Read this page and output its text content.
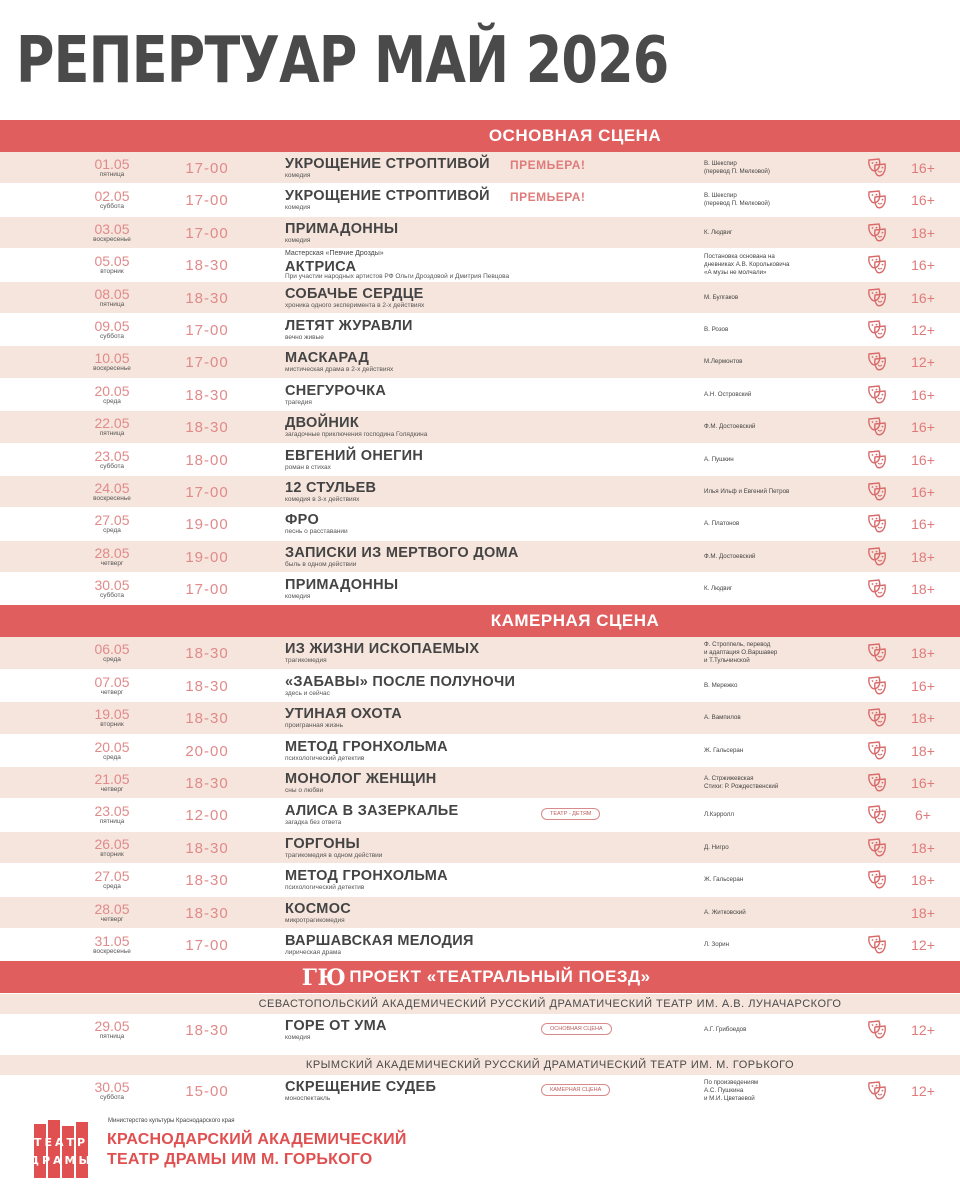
РЕПЕРТУАР МАЙ 2026
ОСНОВНАЯ СЦЕНА
01.05
пятница	17-00	УКРОЩЕНИЕ СТРОПТИВОЙ
комедия
ПРЕМЬЕРА!	В. Шекспир
(перевод П. Мелковой)	16+
02.05
суббота	17-00	УКРОЩЕНИЕ СТРОПТИВОЙ
комедия
ПРЕМЬЕРА!	В. Шекспир
(перевод П. Мелковой)	16+
03.05
воскресенье	17-00	ПРИМАДОННЫ
комедия
К. Людвиг	18+
05.05
вторник	18-30
Мастерская «Певчие Дрозды»
АКТРИСА
При участии народных артистов РФ Ольги Дроздовой и Дмитрия Певцова
Постановка основана на
дневниках А.В. Корольковича
«А музы не молчали»	16+
08.05
пятница	18-30	СОБАЧЬЕ СЕРДЦЕ
хроника одного эксперимента в 2-х действиях
М. Булгаков	16+
09.05
суббота	17-00	ЛЕТЯТ ЖУРАВЛИ
вечно живые
В. Розов	12+
10.05
воскресенье	17-00	МАСКАРАД
мистическая драма в 2-х действиях
М.Лермонтов	12+
20.05
среда	18-30	СНЕГУРОЧКА
трагедия
А.Н. Островский	16+
22.05
пятница	18-30	ДВОЙНИК
загадочные приключения господина Голядкина
Ф.М. Достоевский	16+
23.05
суббота	18-00	ЕВГЕНИЙ ОНЕГИН
роман в стихах
А. Пушкин	16+
24.05
воскресенье	17-00	12 СТУЛЬЕВ
комедия в 3-х действиях
Илья Ильф и Евгений Петров	16+
27.05
среда	19-00	ФРО
песнь о расставании
А. Платонов	16+
28.05
четверг	19-00	ЗАПИСКИ ИЗ МЕРТВОГО ДОМА
быль в одном действии
Ф.М. Достоевский	18+
30.05
суббота	17-00	ПРИМАДОННЫ
комедия
К. Людвиг	18+
КАМЕРНАЯ СЦЕНА
06.05
среда	18-30	ИЗ ЖИЗНИ ИСКОПАЕМЫХ
трагикомедия
Ф. Строппель, перевод
и адаптация О.Варшавер
и Т.Тульчинской	18+
07.05
четверг	18-30	«ЗАБАВЫ» ПОСЛЕ ПОЛУНОЧИ
здесь и сейчас
В. Мережко	16+
19.05
вторник	18-30	УТИНАЯ ОХОТА
проигранная жизнь
А. Вампилов	18+
20.05
среда	20-00	МЕТОД ГРОНХОЛЬМА
психологический детектив
Ж. Гальсеран	18+
21.05
четверг	18-30	МОНОЛОГ ЖЕНЩИН
сны о любви
А. Стржижевская
Стихи: Р. Рождественский	16+
23.05
пятница	12-00	АЛИСА В ЗАЗЕРКАЛЬЕ
загадка без ответа
ТЕАТР - ДЕТЯМ	Л.Кэрролл	6+
26.05
вторник	18-30	ГОРГОНЫ
трагикомедия в одном действии
Д. Нигро	18+
27.05
среда	18-30	МЕТОД ГРОНХОЛЬМА
психологический детектив
Ж. Гальсеран	18+
28.05
четверг	18-30	КОСМОС
микротрагикомедия
А. Житковский	18+
31.05
воскресенье	17-00	ВАРШАВСКАЯ МЕЛОДИЯ
лирическая драма
Л. Зорин	12+
ГЮ ПРОЕКТ «ТЕАТРАЛЬНЫЙ ПОЕЗД»
СЕВАСТОПОЛЬСКИЙ АКАДЕМИЧЕСКИЙ РУССКИЙ ДРАМАТИЧЕСКИЙ ТЕАТР ИМ. А.В. ЛУНАЧАРСКОГО
29.05
пятница	18-30	ГОРЕ ОТ УМА
комедия
ОСНОВНАЯ СЦЕНА	А.Г. Грибоедов	12+
КРЫМСКИЙ АКАДЕМИЧЕСКИЙ РУССКИЙ ДРАМАТИЧЕСКИЙ ТЕАТР ИМ. М. ГОРЬКОГО
30.05
суббота	15-00	СКРЕЩЕНИЕ СУДЕБ
моноспектакль
КАМЕРНАЯ СЦЕНА
По произведениям
А.С. Пушкина
и М.И. Цветаевой	12+
ТЕАТР
ДРАМЫ
Министерство культуры Краснодарского края
КРАСНОДАРСКИЙ АКАДЕМИЧЕСКИЙ
ТЕАТР ДРАМЫ ИМ М. ГОРЬКОГО
